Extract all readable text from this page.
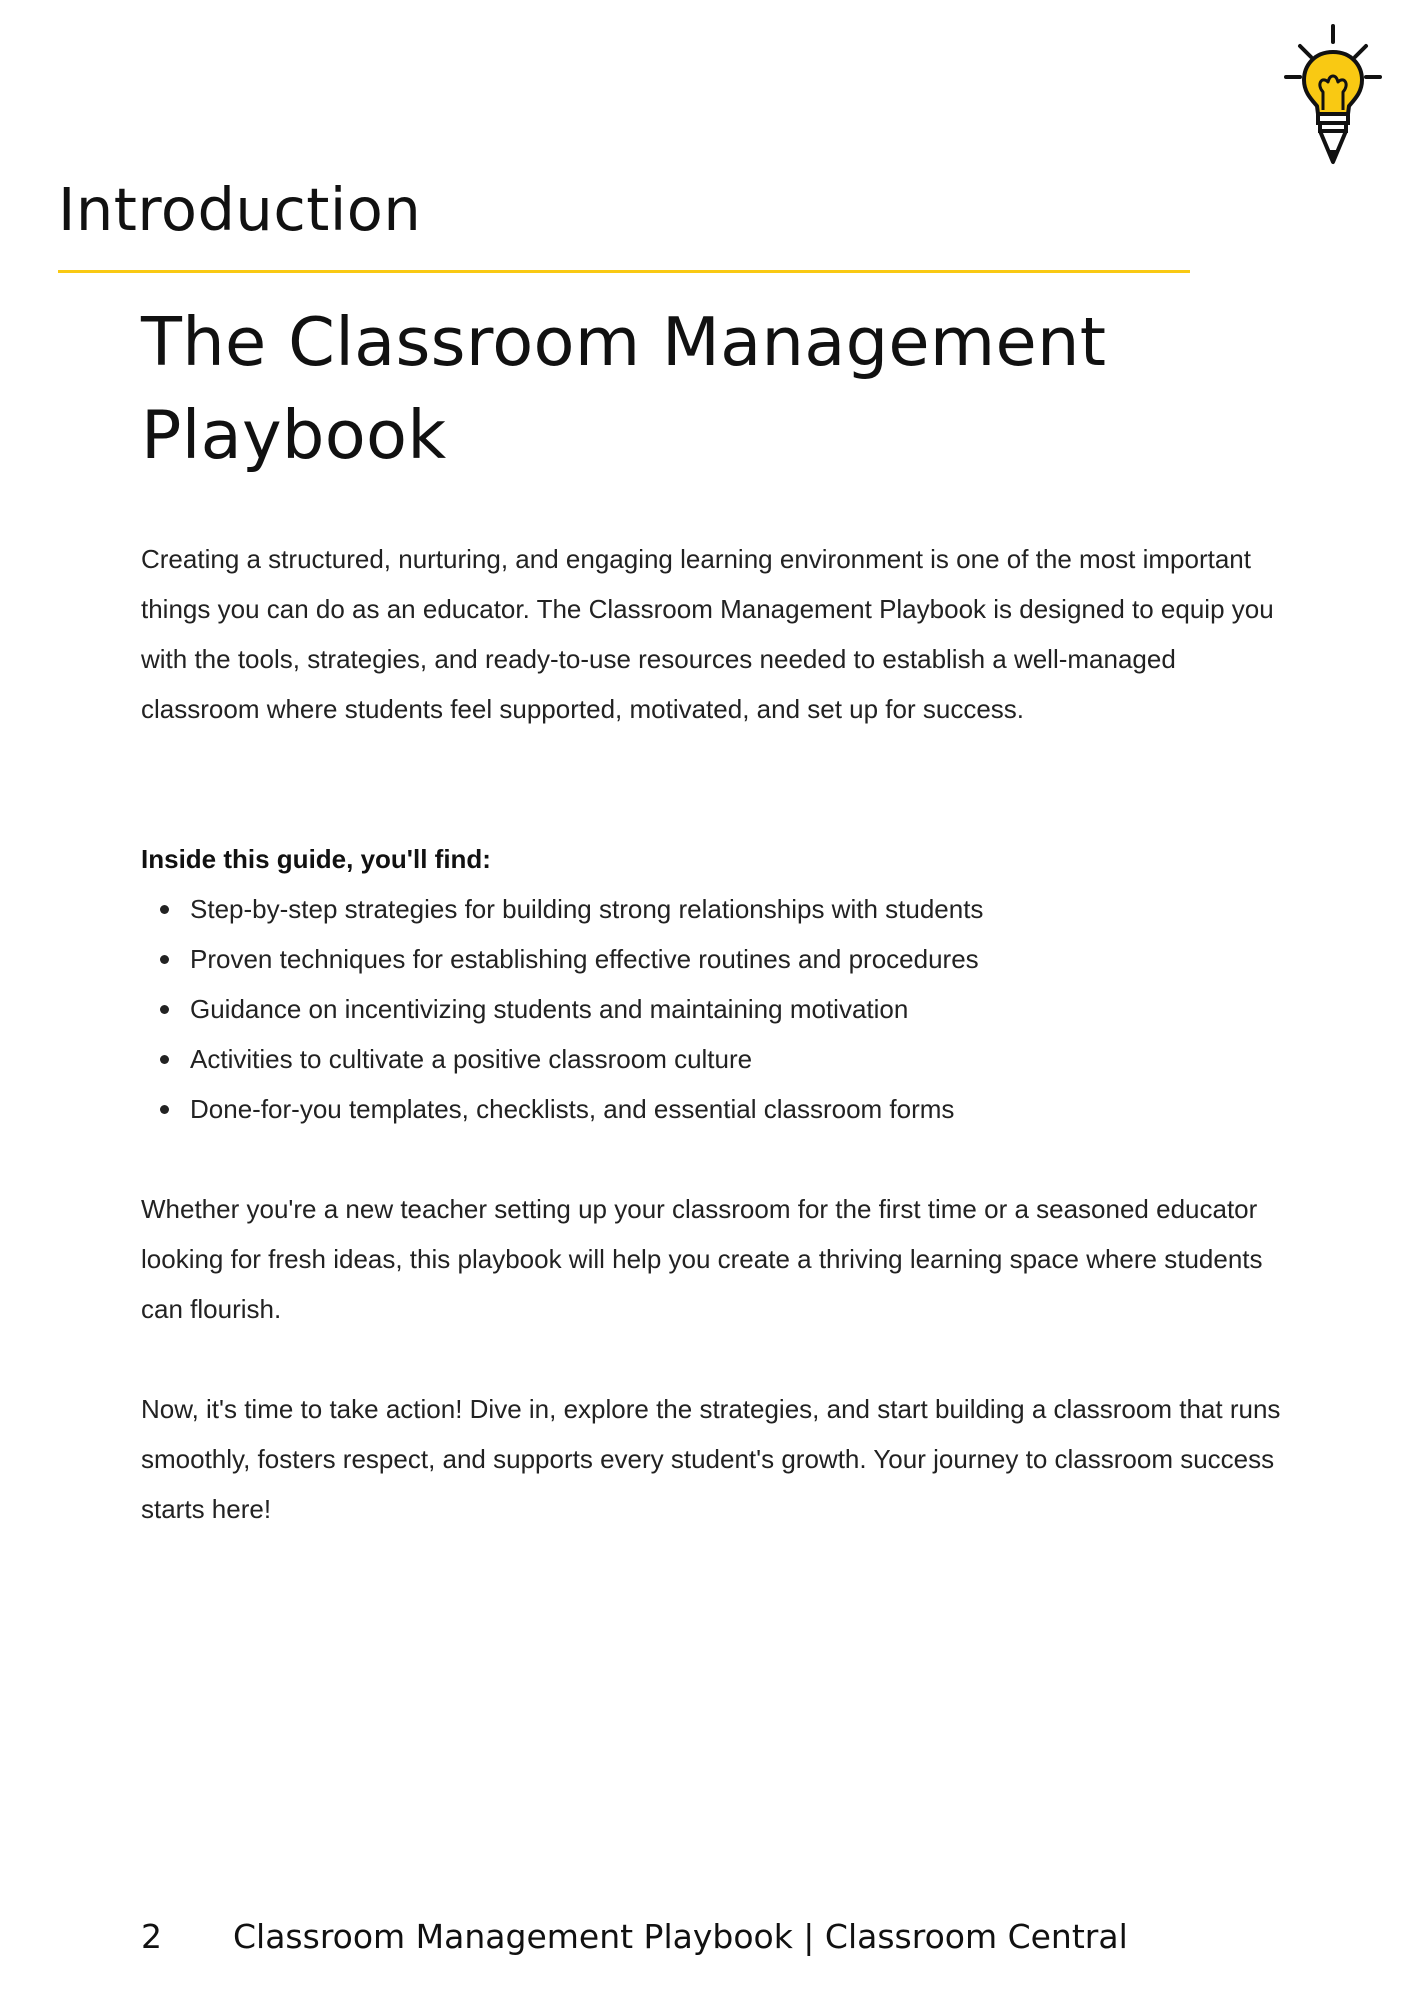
Introduction
The Classroom Management Playbook

Creating a structured, nurturing, and engaging learning environment is one of the most important things you can do as an educator. The Classroom Management Playbook is designed to equip you with the tools, strategies, and ready-to-use resources needed to establish a well-managed classroom where students feel supported, motivated, and set up for success.

Inside this guide, you'll find:

Step-by-step strategies for building strong relationships with students
Proven techniques for establishing effective routines and procedures
Guidance on incentivizing students and maintaining motivation
Activities to cultivate a positive classroom culture
Done-for-you templates, checklists, and essential classroom forms

Whether you're a new teacher setting up your classroom for the first time or a seasoned educator looking for fresh ideas, this playbook will help you create a thriving learning space where students can flourish.

Now, it's time to take action! Dive in, explore the strategies, and start building a classroom that runs smoothly, fosters respect, and supports every student's growth. Your journey to classroom success starts here!

2 Classroom Management Playbook | Classroom Central
